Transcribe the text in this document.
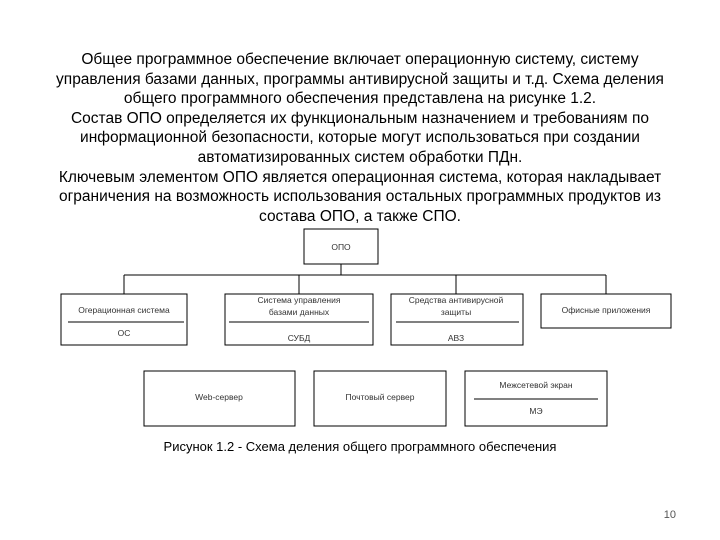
Общее программное обеспечение включает операционную систему, систему

управления базами данных, программы антивирусной защиты и т.д. Схема деления

общего программного обеспечения представлена на рисунке 1.2.

Состав ОПО определяется их функциональным назначением и требованиям по

информационной безопасности, которые могут использоваться при создании

автоматизированных систем обработки ПДн.

Ключевым элементом ОПО является операционная система, которая накладывает

ограничения на возможность использования остальных программных продуктов из

состава ОПО, а также СПО.

ОПО
Огерационная система
ОС
Система управления
базами данных
СУБД
Средства антивирусной
защиты
АВЗ
Офисные приложения
Web-сервер	Почтовый сервер
Межсетевой экран
МЭ
Рисунок 1.2 - Схема деления общего программного обеспечения
10
